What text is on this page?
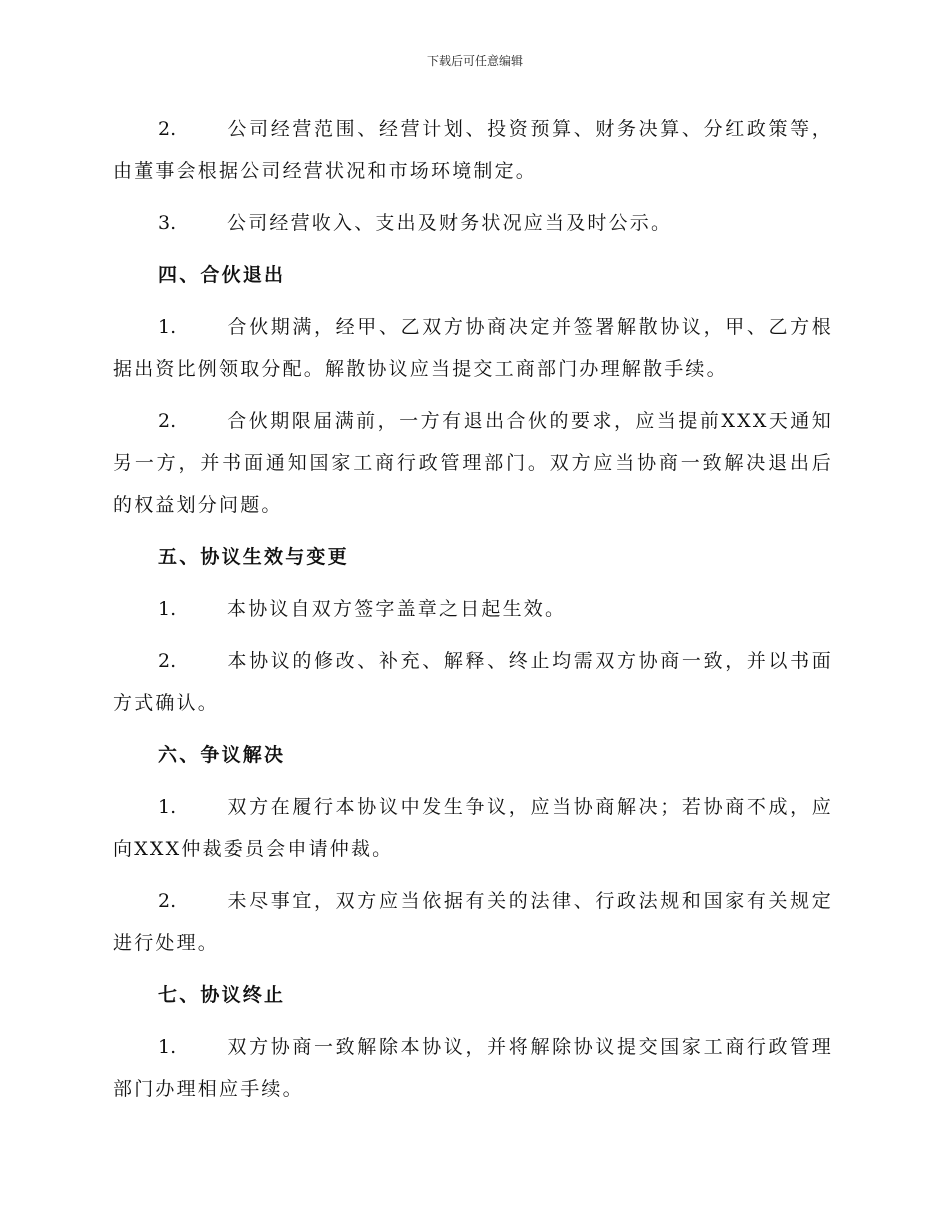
下载后可任意编辑

2.	公司经营范围、经营计划、投资预算、财务决算、分红政策等，由董事会根据公司经营状况和市场环境制定。

3.	公司经营收入、支出及财务状况应当及时公示。

四、合伙退出

1.	合伙期满，经甲、乙双方协商决定并签署解散协议，甲、乙方根据出资比例领取分配。解散协议应当提交工商部门办理解散手续。

2.	合伙期限届满前，一方有退出合伙的要求，应当提前XXX天通知另一方，并书面通知国家工商行政管理部门。双方应当协商一致解决退出后的权益划分问题。

五、协议生效与变更

1.	本协议自双方签字盖章之日起生效。

2.	本协议的修改、补充、解释、终止均需双方协商一致，并以书面方式确认。

六、争议解决

1.	双方在履行本协议中发生争议，应当协商解决；若协商不成，应向XXX仲裁委员会申请仲裁。

2.	未尽事宜，双方应当依据有关的法律、行政法规和国家有关规定进行处理。

七、协议终止

1.	双方协商一致解除本协议，并将解除协议提交国家工商行政管理部门办理相应手续。
